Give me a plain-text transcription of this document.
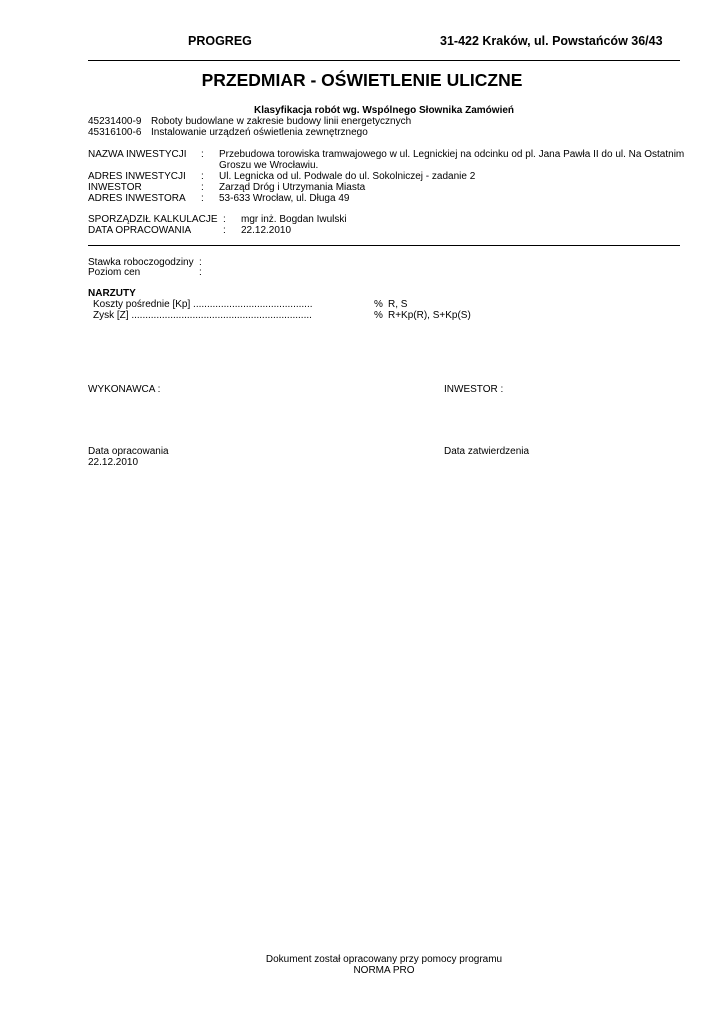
PROGREG	31-422 Kraków, ul. Powstańców 36/43
PRZEDMIAR - OŚWIETLENIE ULICZNE
Klasyfikacja robót wg. Wspólnego Słownika Zamówień
45231400-9 Roboty budowlane w zakresie budowy linii energetycznych
45316100-6 Instalowanie urządzeń oświetlenia zewnętrznego
NAZWA INWESTYCJI : Przebudowa torowiska tramwajowego w ul. Legnickiej na odcinku od pl. Jana Pawła II do ul. Na Ostatnim Groszu we Wrocławiu.
ADRES INWESTYCJI : Ul. Legnicka od ul. Podwale do ul. Sokolniczej - zadanie 2
INWESTOR	: Zarząd Dróg i Utrzymania Miasta
ADRES INWESTORA : 53-633 Wrocław, ul. Długa 49
SPORZĄDZIŁ KALKULACJE : mgr inż. Bogdan Iwulski
DATA OPRACOWANIA	: 22.12.2010
Stawka roboczogodziny :
Poziom cen	:
NARZUTY
Koszty pośrednie [Kp] ...........................................	% R, S
Zysk [Z] .................................................................	% R+Kp(R), S+Kp(S)
WYKONAWCA :	INWESTOR :
Data opracowania
22.12.2010
Data zatwierdzenia
Dokument został opracowany przy pomocy programu
NORMA PRO
